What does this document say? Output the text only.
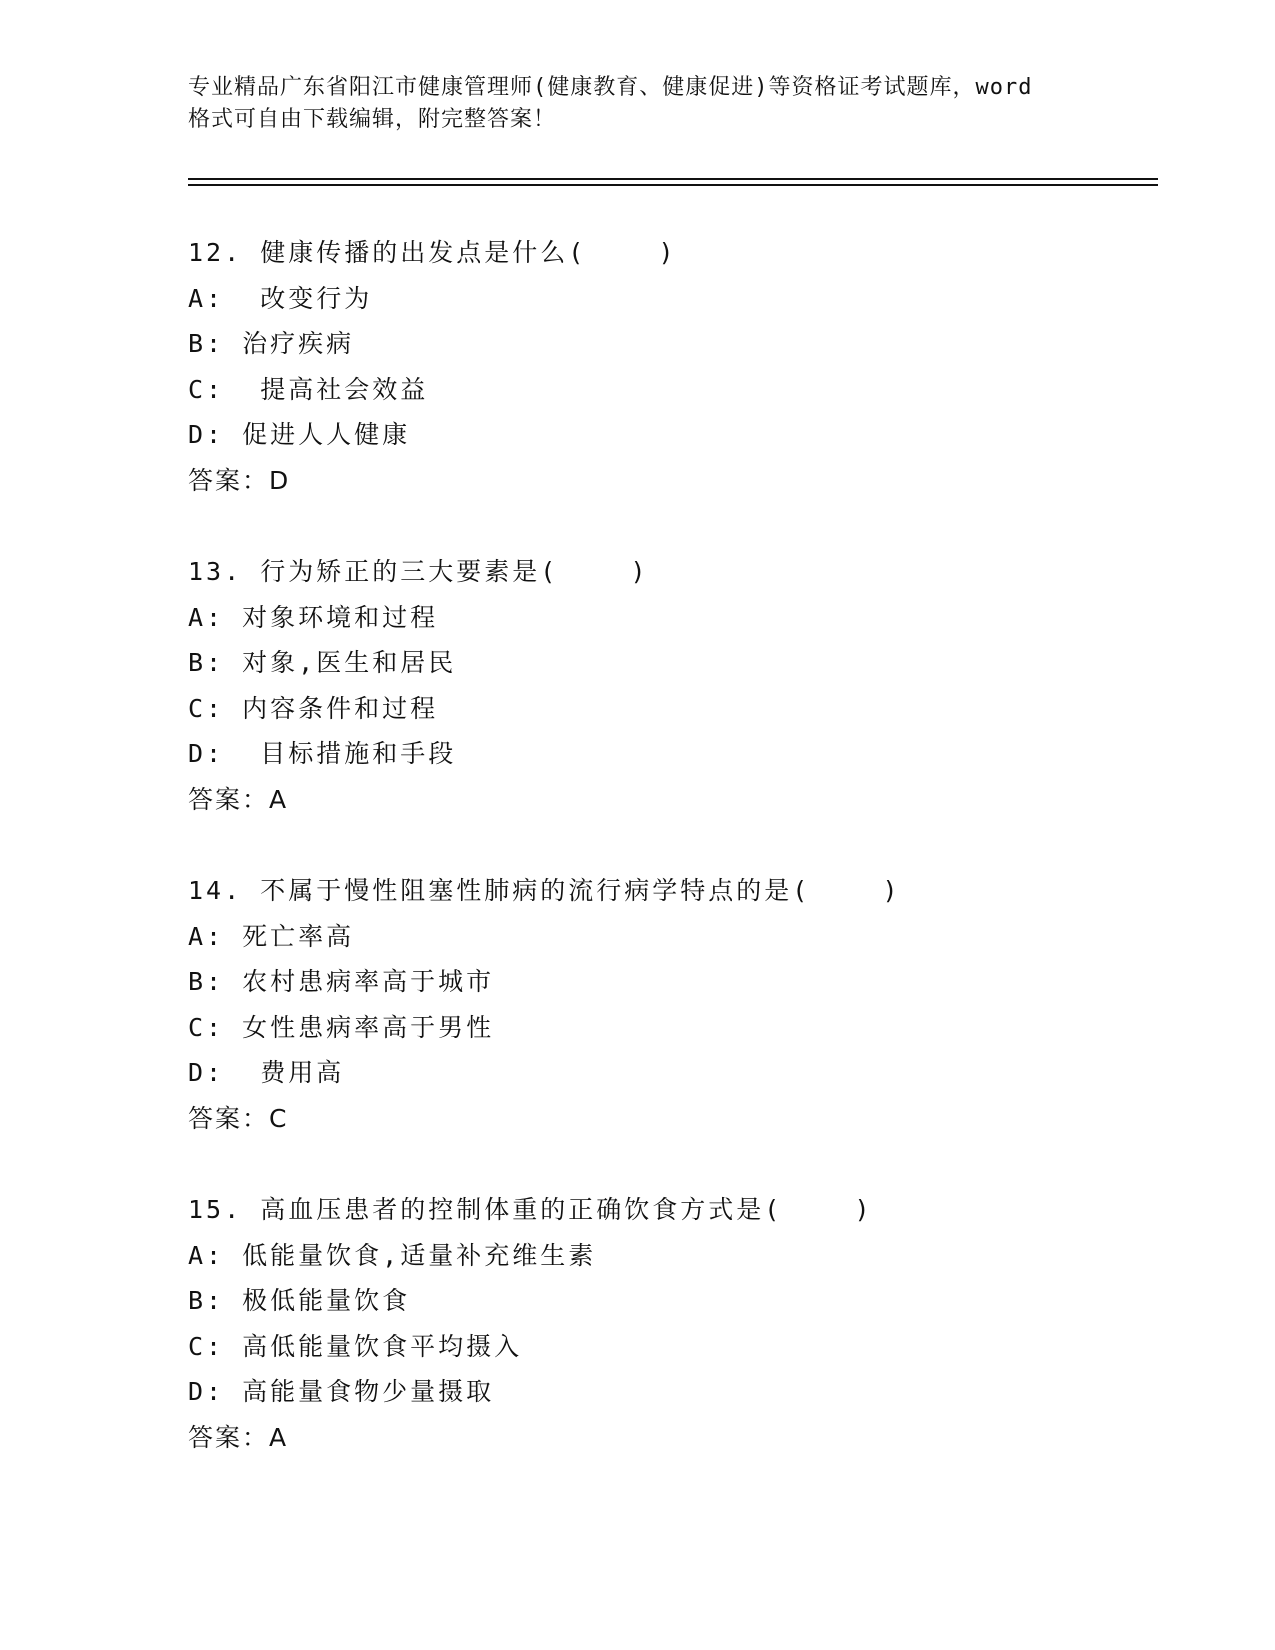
专业精品广东省阳江市健康管理师(健康教育、健康促进)等资格证考试题库，word
格式可自由下载编辑，附完整答案！
12. 健康传播的出发点是什么(    )
A:  改变行为
B: 治疗疾病
C:  提高社会效益
D: 促进人人健康
答案：D
13. 行为矫正的三大要素是(    )
A: 对象环境和过程
B: 对象,医生和居民
C: 内容条件和过程
D:  目标措施和手段
答案：A
14. 不属于慢性阻塞性肺病的流行病学特点的是(    )
A: 死亡率高
B: 农村患病率高于城市
C: 女性患病率高于男性
D:  费用高
答案：C
15. 高血压患者的控制体重的正确饮食方式是(    )
A: 低能量饮食,适量补充维生素
B: 极低能量饮食
C: 高低能量饮食平均摄入
D: 高能量食物少量摄取
答案：A
